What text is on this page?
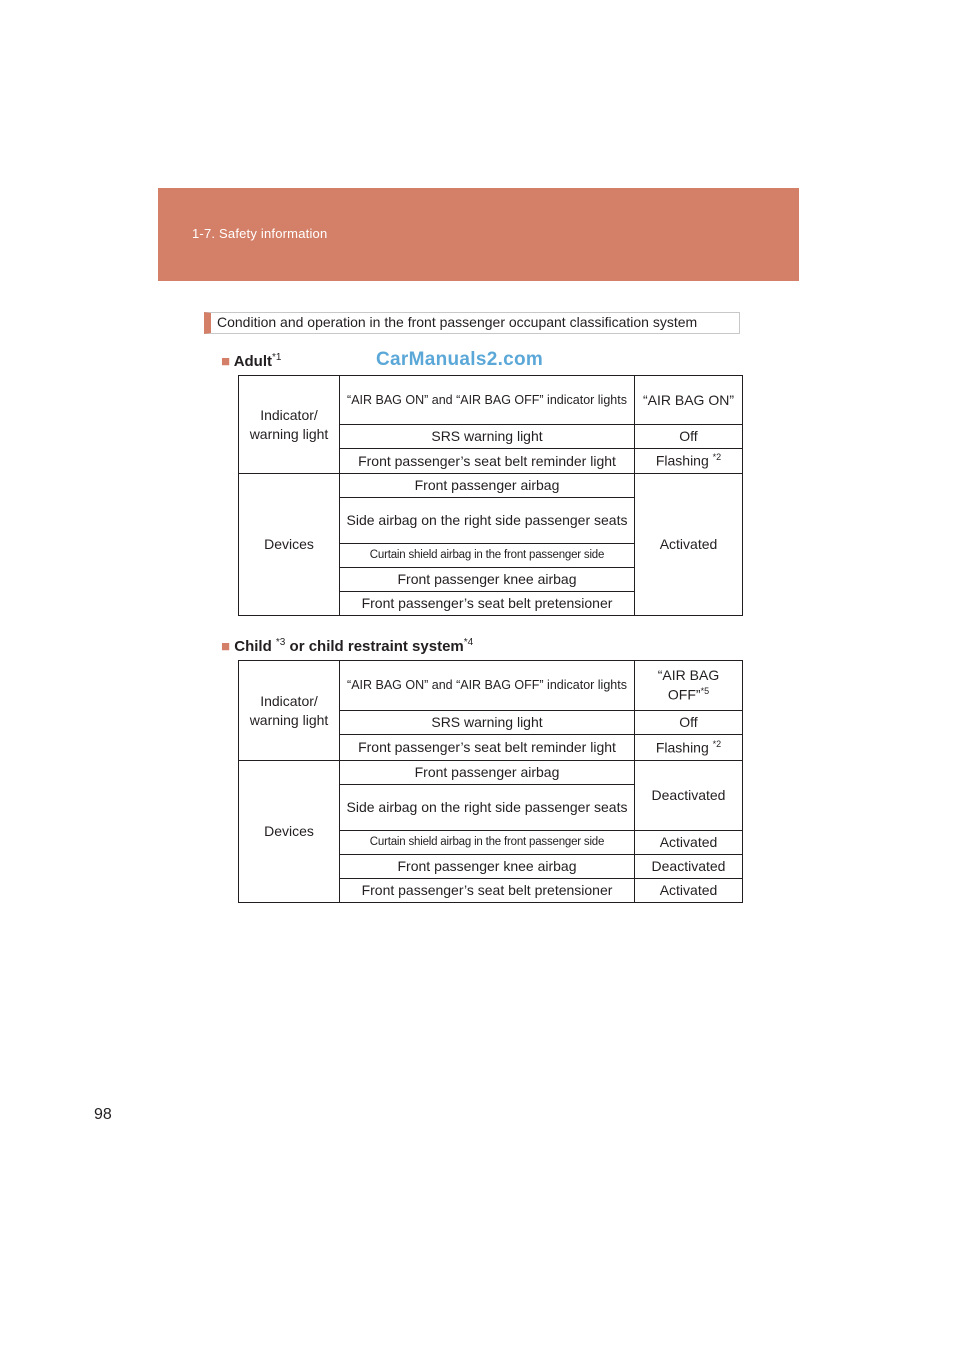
1-7. Safety information
Condition and operation in the front passenger occupant classification system
■ Adult$^{*1}$	CarManuals2.com
Indicator/ warning light	“AIR BAG ON” and “AIR BAG OFF” indicator lights	“AIR BAG ON”
	SRS warning light	Off
	Front passenger’s seat belt reminder light	Flashing $^{*2}$
Devices	Front passenger airbag	Activated
	Side airbag on the right side passenger seats	
	Curtain shield airbag in the front passenger side	
	Front passenger knee airbag	
	Front passenger’s seat belt pretensioner	
■ Child $^{*3}$ or child restraint system$^{*4}$
Indicator/ warning light	“AIR BAG ON” and “AIR BAG OFF” indicator lights	“AIR BAG OFF”$^{*5}$
	SRS warning light	Off
	Front passenger’s seat belt reminder light	Flashing $^{*2}$
Devices	Front passenger airbag	Deactivated
	Side airbag on the right side passenger seats	
	Curtain shield airbag in the front passenger side	Activated
	Front passenger knee airbag	Deactivated
	Front passenger’s seat belt pretensioner	Activated
98
